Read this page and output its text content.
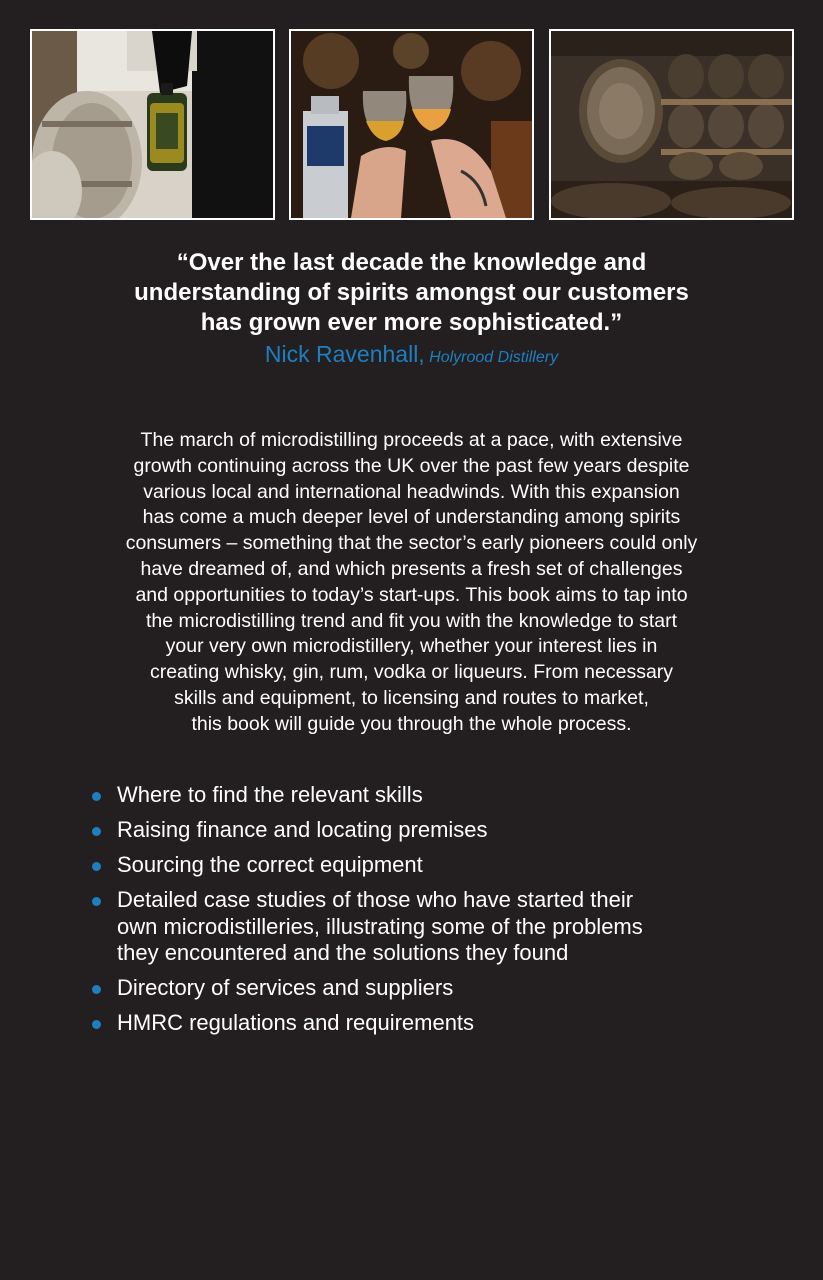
“Over the last decade the knowledge and
understanding of spirits amongst our customers
has grown ever more sophisticated.”
Nick Ravenhall, Holyrood Distillery
The march of microdistilling proceeds at a pace, with extensive
growth continuing across the UK over the past few years despite
various local and international headwinds. With this expansion
has come a much deeper level of understanding among spirits
consumers – something that the sector’s early pioneers could only
have dreamed of, and which presents a fresh set of challenges
and opportunities to today’s start-ups. This book aims to tap into
the microdistilling trend and fit you with the knowledge to start
your very own microdistillery, whether your interest lies in
creating whisky, gin, rum, vodka or liqueurs. From necessary
skills and equipment, to licensing and routes to market,
this book will guide you through the whole process.
Where to find the relevant skills
Raising finance and locating premises
Sourcing the correct equipment
Detailed case studies of those who have started their
own microdistilleries, illustrating some of the problems
they encountered and the solutions they found
Directory of services and suppliers
HMRC regulations and requirements
